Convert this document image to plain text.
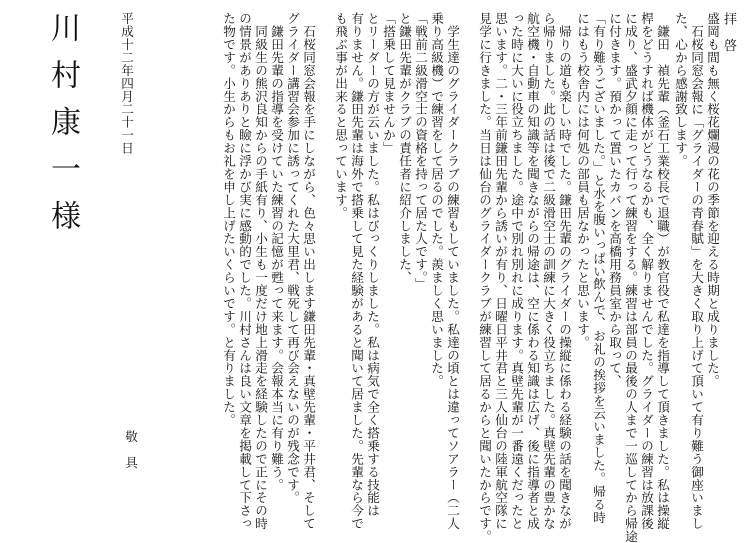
拝　啓
盛岡も間も無く桜花爛漫の花の季節を迎える時期と成りました。
　石桜同窓会報に「グライダーの青春賦」を大きく取り上げて頂いて有り難う御座いまし
た、心から感謝致します。
　鎌田　禎先輩（釜石工業校長で退職）が教官役で私達を指導して頂きました。私は操縦
桿をどうすれば機体がどうなるかも、全く解りませんでした。グライダーの練習は放課後
に成り、盛武夕顔に走って行って練習をする。練習は部員の最後の人まで一巡してから帰途
に付きます。預かって置いたカバンを高橋用務員室から取って、
「有り難うございました。」と水を腹いっぱい飲んで、お礼の挨拶を云いました。帰る時
にはもう校舎内には何処の部員も居なかったと思います。
　帰りの道も楽しい時でした。鎌田先輩のグライダーの操縦に係わる経験の話を聞きなが
ら帰りました。此の話は後で二級滑空士の訓練に大きく役立ちました。真壁先輩の豊かな
航空機・自動車の知識等を聞きながらの帰途は、空に係わる知識は広げ、後に指導者と成
った時に大いに役立ちました。途中で別れ別れに成ります。真壁先輩が一番遠くだったと
思います。二・三年前鎌田先輩から誘いが有り、日曜日平井君と三人仙台の陸軍航空隊に
見学に行きました。当日は仙台のグライダークラブが練習して居るからと聞いたからです。
　学生達のグライダークラブの練習もしていました。私達の頃とは違ってソアラー（二人
乗り高級機）で練習をして居るのでした。羨ましく思いました。
「戦前二級滑空士の資格を持って居た人です。」
と鎌田先輩がクラブの責任者に紹介しました、
「搭乗して見ませんか」
とリーダーの方が云いました。私はびっくりしました。私は病気で全く搭乗する技能は
有りません。鎌田先輩は海外で搭乗して見た経験があると聞いて居ました。先輩なら今で
も飛ぶ事が出来ると思っています。
　石桜同窓会報を手にしながら、色々思い出します鎌田先輩・真壁先輩・平井君、そして
グライダー講習会参加に誘ってくれた大里君、戦死して再び会えないのが残念です。
　鎌田先輩の指導を受けていた練習の記憶が甦って来ます。会報本当に有り難う。
　同級生の熊沢良知からの手紙有り、小生も一度だけ地上滑走を経験したので正にその時
の情景がありありと瞼に浮かび実に感動的でした。川村さんは良い文章を掲載して下さっ
た物です。小生からもお礼を申し上げたいくらいです。と有りました。
敬　具
平成十二年四月二十一日
川村康一様
